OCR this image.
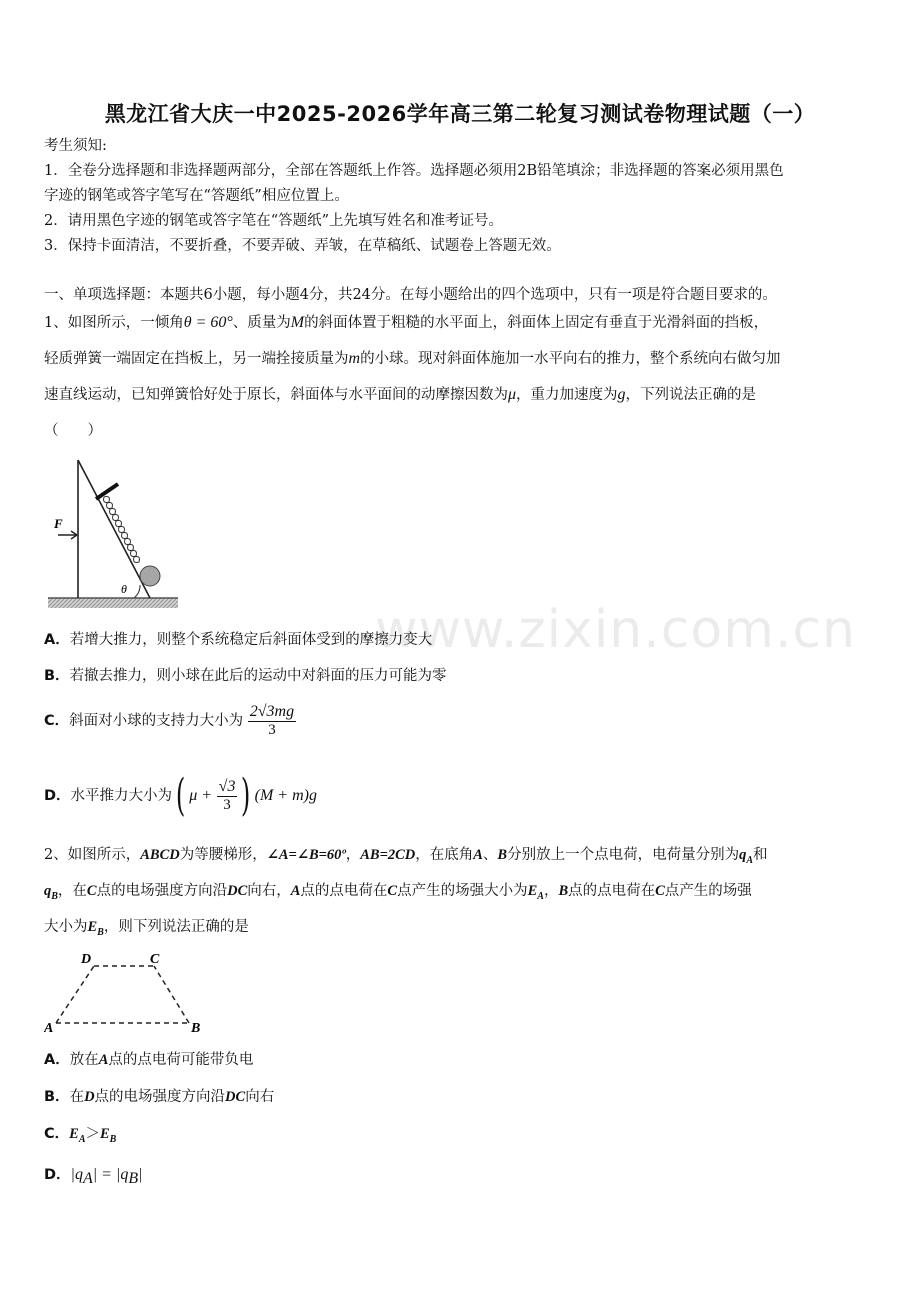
黑龙江省大庆一中2025-2026学年高三第二轮复习测试卷物理试题（一）
考生须知:
1．全卷分选择题和非选择题两部分，全部在答题纸上作答。选择题必须用2B铅笔填涂；非选择题的答案必须用黑色
字迹的钢笔或答字笔写在“答题纸”相应位置上。
2．请用黑色字迹的钢笔或答字笔在“答题纸”上先填写姓名和准考证号。
3．保持卡面清洁，不要折叠，不要弄破、弄皱，在草稿纸、试题卷上答题无效。
一、单项选择题：本题共6小题，每小题4分，共24分。在每小题给出的四个选项中，只有一项是符合题目要求的。
1、如图所示，一倾角θ = 60°、质量为M的斜面体置于粗糙的水平面上，斜面体上固定有垂直于光滑斜面的挡板，
轻质弹簧一端固定在挡板上，另一端拴接质量为m的小球。现对斜面体施加一水平向右的推力，整个系统向右做匀加
速直线运动，已知弹簧恰好处于原长，斜面体与水平面间的动摩擦因数为μ，重力加速度为g，下列说法正确的是
（　　）
F
θ
A．若增大推力，则整个系统稳定后斜面体受到的摩擦力变大
B．若撤去推力，则小球在此后的运动中对斜面的压力可能为零
C．斜面对小球的支持力大小为 $\frac{2√3mg}{3}$
D．水平推力大小为( $\mu + \frac{√3}{3}$ ) (M + m)g
2、如图所示，ABCD为等腰梯形，∠A=∠B=60º，AB=2CD，在底角A、B分别放上一个点电荷，电荷量分别为$q_A$和
$q_B$，在C点的电场强度方向沿DC向右，A点的点电荷在C点产生的场强大小为$E_A$，B点的点电荷在C点产生的场强
大小为$E_B$，则下列说法正确的是
D	C
A	B
A．放在A点的点电荷可能带负电
B．在D点的电场强度方向沿DC向右
C．$E_A>E_B$
D．$|q_A| = |q_B|$
www.zixin.com.cn
